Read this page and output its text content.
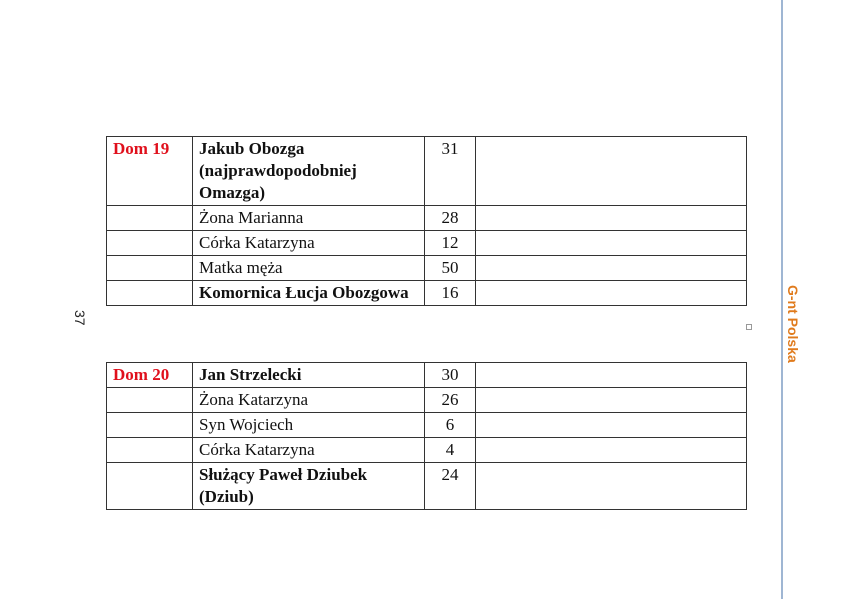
37	G-nt Polska
Dom 19	Jakub Obozga (najprawdopodobniej Omazga)	31	
	Żona Marianna	28	
	Córka Katarzyna	12	
	Matka męża	50	
	Komornica Łucja Obozgowa	16	
Dom 20	Jan Strzelecki	30	
	Żona Katarzyna	26	
	Syn Wojciech	6	
	Córka Katarzyna	4	
	Służący Paweł Dziubek (Dziub)	24	
